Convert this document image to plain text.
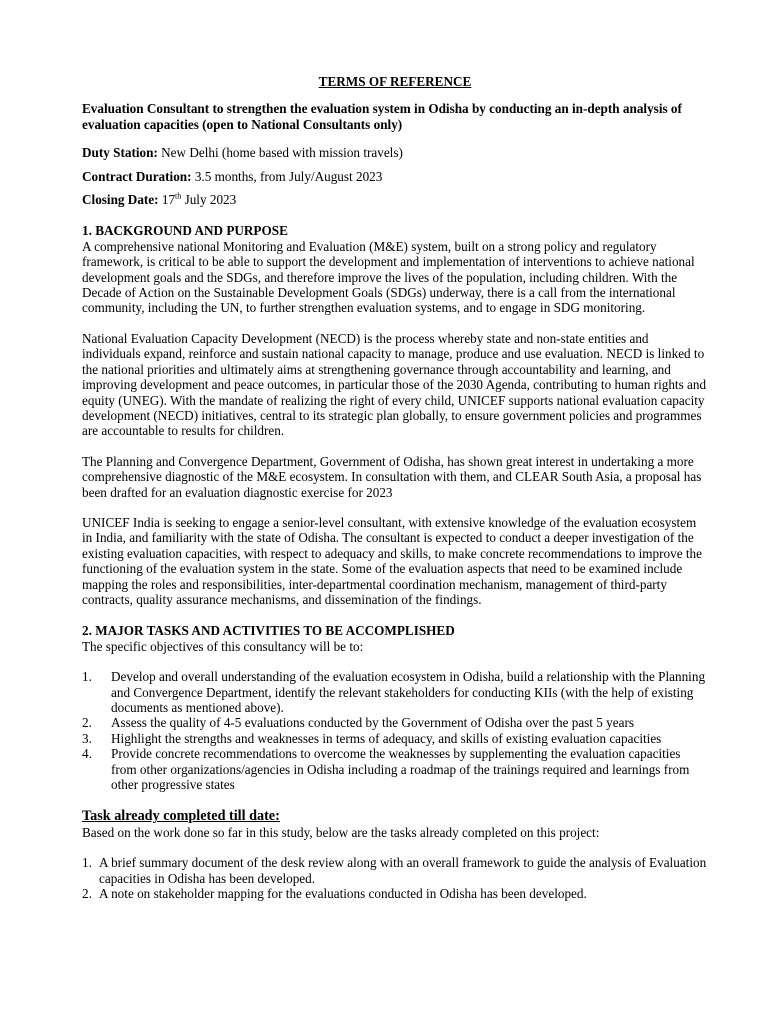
TERMS OF REFERENCE

Evaluation Consultant to strengthen the evaluation system in Odisha by conducting an in-depth analysis of evaluation capacities (open to National Consultants only)

Duty Station: New Delhi (home based with mission travels)

Contract Duration: 3.5 months, from July/August 2023

Closing Date: 17th July 2023

1. BACKGROUND AND PURPOSE

A comprehensive national Monitoring and Evaluation (M&E) system, built on a strong policy and regulatory framework, is critical to be able to support the development and implementation of interventions to achieve national development goals and the SDGs, and therefore improve the lives of the population, including children. With the Decade of Action on the Sustainable Development Goals (SDGs) underway, there is a call from the international community, including the UN, to further strengthen evaluation systems, and to engage in SDG monitoring.

National Evaluation Capacity Development (NECD) is the process whereby state and non-state entities and individuals expand, reinforce and sustain national capacity to manage, produce and use evaluation. NECD is linked to the national priorities and ultimately aims at strengthening governance through accountability and learning, and improving development and peace outcomes, in particular those of the 2030 Agenda, contributing to human rights and equity (UNEG). With the mandate of realizing the right of every child, UNICEF supports national evaluation capacity development (NECD) initiatives, central to its strategic plan globally, to ensure government policies and programmes are accountable to results for children.

The Planning and Convergence Department, Government of Odisha, has shown great interest in undertaking a more comprehensive diagnostic of the M&E ecosystem. In consultation with them, and CLEAR South Asia, a proposal has been drafted for an evaluation diagnostic exercise for 2023

UNICEF India is seeking to engage a senior-level consultant, with extensive knowledge of the evaluation ecosystem in India, and familiarity with the state of Odisha. The consultant is expected to conduct a deeper investigation of the existing evaluation capacities, with respect to adequacy and skills, to make concrete recommendations to improve the functioning of the evaluation system in the state. Some of the evaluation aspects that need to be examined include mapping the roles and responsibilities, inter-departmental coordination mechanism, management of third-party contracts, quality assurance mechanisms, and dissemination of the findings.

2. MAJOR TASKS AND ACTIVITIES TO BE ACCOMPLISHED

The specific objectives of this consultancy will be to:

1.	Develop and overall understanding of the evaluation ecosystem in Odisha, build a relationship with the Planning and Convergence Department, identify the relevant stakeholders for conducting KIIs (with the help of existing documents as mentioned above).
2.	Assess the quality of 4-5 evaluations conducted by the Government of Odisha over the past 5 years
3.	Highlight the strengths and weaknesses in terms of adequacy, and skills of existing evaluation capacities
4.	Provide concrete recommendations to overcome the weaknesses by supplementing the evaluation capacities from other organizations/agencies in Odisha including a roadmap of the trainings required and learnings from other progressive states

Task already completed till date:

Based on the work done so far in this study, below are the tasks already completed on this project:

1. A brief summary document of the desk review along with an overall framework to guide the analysis of Evaluation capacities in Odisha has been developed.
2. A note on stakeholder mapping for the evaluations conducted in Odisha has been developed.
